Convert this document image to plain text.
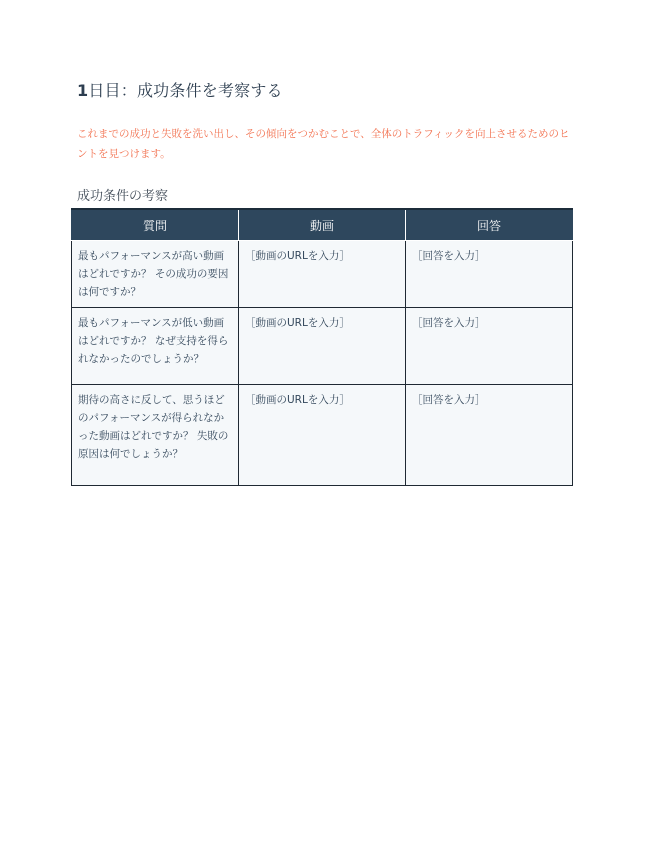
1日目：成功条件を考察する
これまでの成功と失敗を洗い出し、その傾向をつかむことで、全体のトラフィックを向上させるためのヒントを見つけます。
成功条件の考察
質問	動画	回答
最もパフォーマンスが高い動画はどれですか？ その成功の要因は何ですか？	［動画のURLを入力］	［回答を入力］
最もパフォーマンスが低い動画はどれですか？ なぜ支持を得られなかったのでしょうか？	［動画のURLを入力］	［回答を入力］
期待の高さに反して、思うほどのパフォーマンスが得られなかった動画はどれですか？ 失敗の原因は何でしょうか？	［動画のURLを入力］	［回答を入力］
